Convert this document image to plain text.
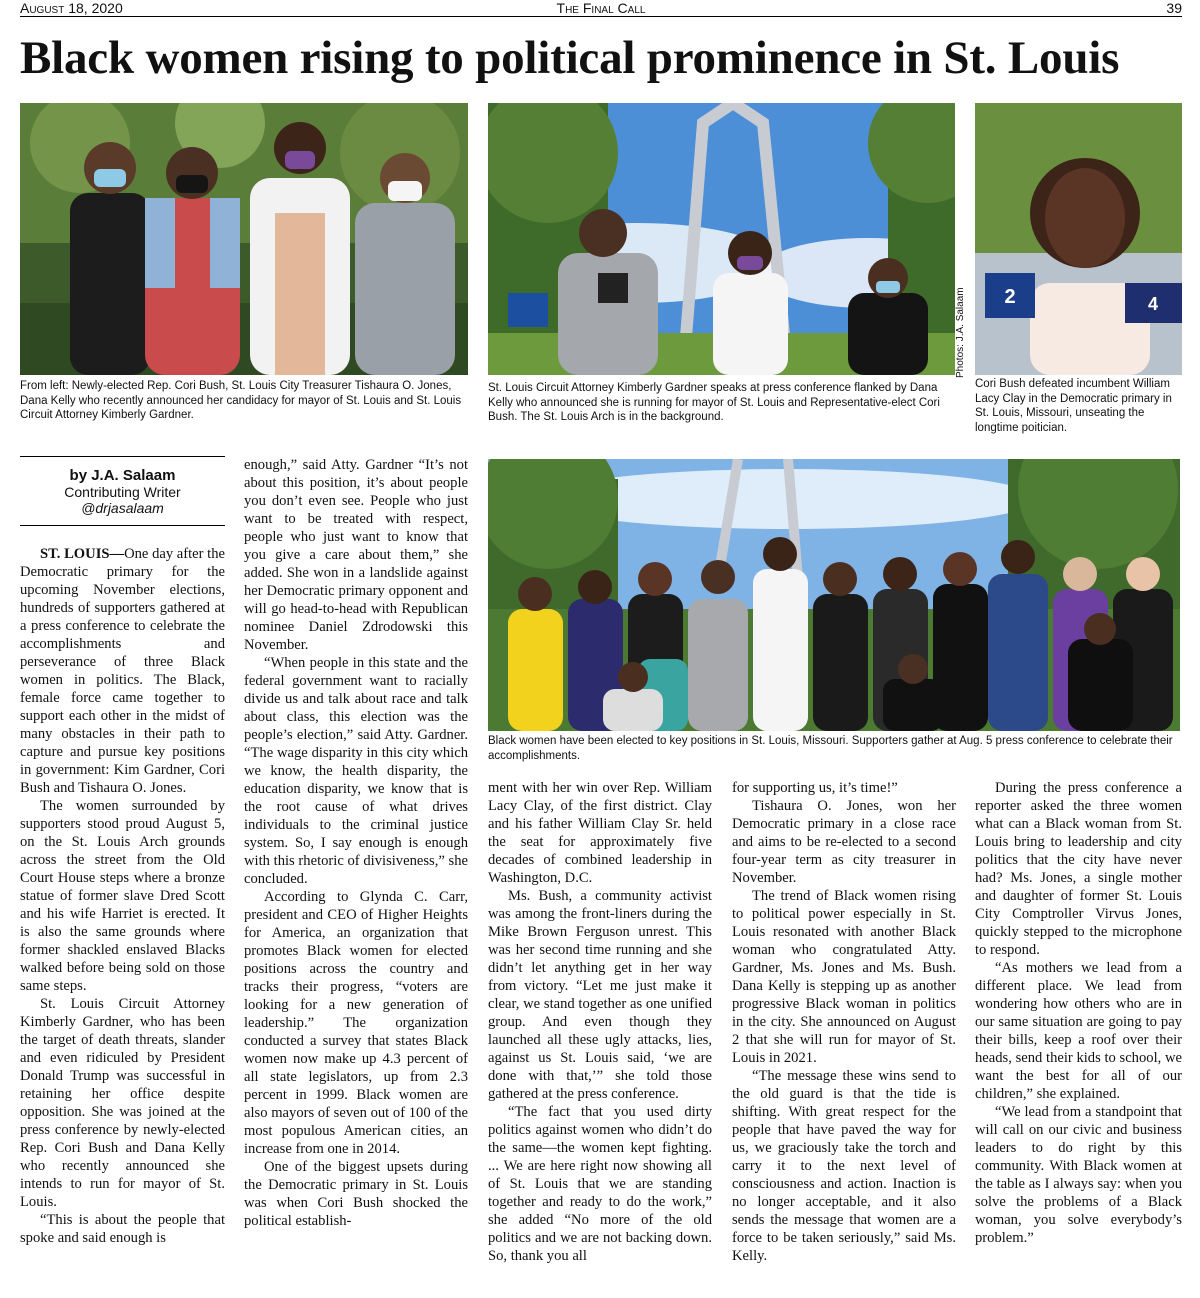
August 18, 2020	The Final Call	39
Black women rising to political prominence in St. Louis
From left: Newly-elected Rep. Cori Bush, St. Louis City Treasurer Tishaura O. Jones, Dana Kelly who recently announced her candidacy for mayor of St. Louis and St. Louis Circuit Attorney Kimberly Gardner.
St. Louis Circuit Attorney Kimberly Gardner speaks at press conference flanked by Dana Kelly who announced she is running for mayor of St. Louis and Representative-elect Cori Bush. The St. Louis Arch is in the background.
Photos: J.A. Salaam 2	4
Cori Bush defeated incumbent William Lacy Clay in the Democratic primary in St. Louis, Missouri, unseating the longtime poitician.
by J.A. Salaam
Contributing Writer
@drjasalaam
Black women have been elected to key positions in St. Louis, Missouri. Supporters gather at Aug. 5 press conference to celebrate their accomplishments.

ST. LOUIS—One day after the Democratic primary for the upcoming November elections, hundreds of supporters gathered at a press conference to celebrate the accomplishments and perseverance of three Black women in politics. The Black, female force came together to support each other in the midst of many obstacles in their path to capture and pursue key positions in government: Kim Gardner, Cori Bush and Tishaura O. Jones.

The women surrounded by supporters stood proud August 5, on the St. Louis Arch grounds across the street from the Old Court House steps where a bronze statue of former slave Dred Scott and his wife Harriet is erected. It is also the same grounds where former shackled enslaved Blacks walked before being sold on those same steps.

St. Louis Circuit Attorney Kimberly Gardner, who has been the target of death threats, slander and even ridiculed by President Donald Trump was successful in retaining her office despite opposition. She was joined at the press conference by newly-elected Rep. Cori Bush and Dana Kelly who recently announced she intends to run for mayor of St. Louis.

“This is about the people that spoke and said enough is

enough,” said Atty. Gardner “It’s not about this position, it’s about people you don’t even see. People who just want to be treated with respect, people who just want to know that you give a care about them,” she added. She won in a landslide against her Democratic primary opponent and will go head-to-head with Republican nominee Daniel Zdrodowski this November.

“When people in this state and the federal government want to racially divide us and talk about race and talk about class, this election was the people’s election,” said Atty. Gardner. “The wage disparity in this city which we know, the health disparity, the education disparity, we know that is the root cause of what drives individuals to the criminal justice system. So, I say enough is enough with this rhetoric of divisiveness,” she concluded.

According to Glynda C. Carr, president and CEO of Higher Heights for America, an organization that promotes Black women for elected positions across the country and tracks their progress, “voters are looking for a new generation of leadership.” The organization conducted a survey that states Black women now make up 4.3 percent of all state legislators, up from 2.3 percent in 1999. Black women are also mayors of seven out of 100 of the most populous American cities, an increase from one in 2014.

One of the biggest upsets during the Democratic primary in St. Louis was when Cori Bush shocked the political establish-

ment with her win over Rep. William Lacy Clay, of the first district. Clay and his father William Clay Sr. held the seat for approximately five decades of combined leadership in Washington, D.C.

Ms. Bush, a community activist was among the front-liners during the Mike Brown Ferguson unrest. This was her second time running and she didn’t let anything get in her way from victory. “Let me just make it clear, we stand together as one unified group. And even though they launched all these ugly attacks, lies, against us St. Louis said, ‘we are done with that,’” she told those gathered at the press conference.

“The fact that you used dirty politics against women who didn’t do the same—the women kept fighting. ... We are here right now showing all of St. Louis that we are standing together and ready to do the work,” she added “No more of the old politics and we are not backing down. So, thank you all

for supporting us, it’s time!”

Tishaura O. Jones, won her Democratic primary in a close race and aims to be re-elected to a second four-year term as city treasurer in November.

The trend of Black women rising to political power especially in St. Louis resonated with another Black woman who congratulated Atty. Gardner, Ms. Jones and Ms. Bush. Dana Kelly is stepping up as another progressive Black woman in politics in the city. She announced on August 2 that she will run for mayor of St. Louis in 2021.

“The message these wins send to the old guard is that the tide is shifting. With great respect for the people that have paved the way for us, we graciously take the torch and carry it to the next level of consciousness and action. Inaction is no longer acceptable, and it also sends the message that women are a force to be taken seriously,” said Ms. Kelly.

During the press conference a reporter asked the three women what can a Black woman from St. Louis bring to leadership and city politics that the city have never had? Ms. Jones, a single mother and daughter of former St. Louis City Comptroller Virvus Jones, quickly stepped to the microphone to respond.

“As mothers we lead from a different place. We lead from wondering how others who are in our same situation are going to pay their bills, keep a roof over their heads, send their kids to school, we want the best for all of our children,” she explained.

“We lead from a standpoint that will call on our civic and business leaders to do right by this community. With Black women at the table as I always say: when you solve the problems of a Black woman, you solve everybody’s problem.”
